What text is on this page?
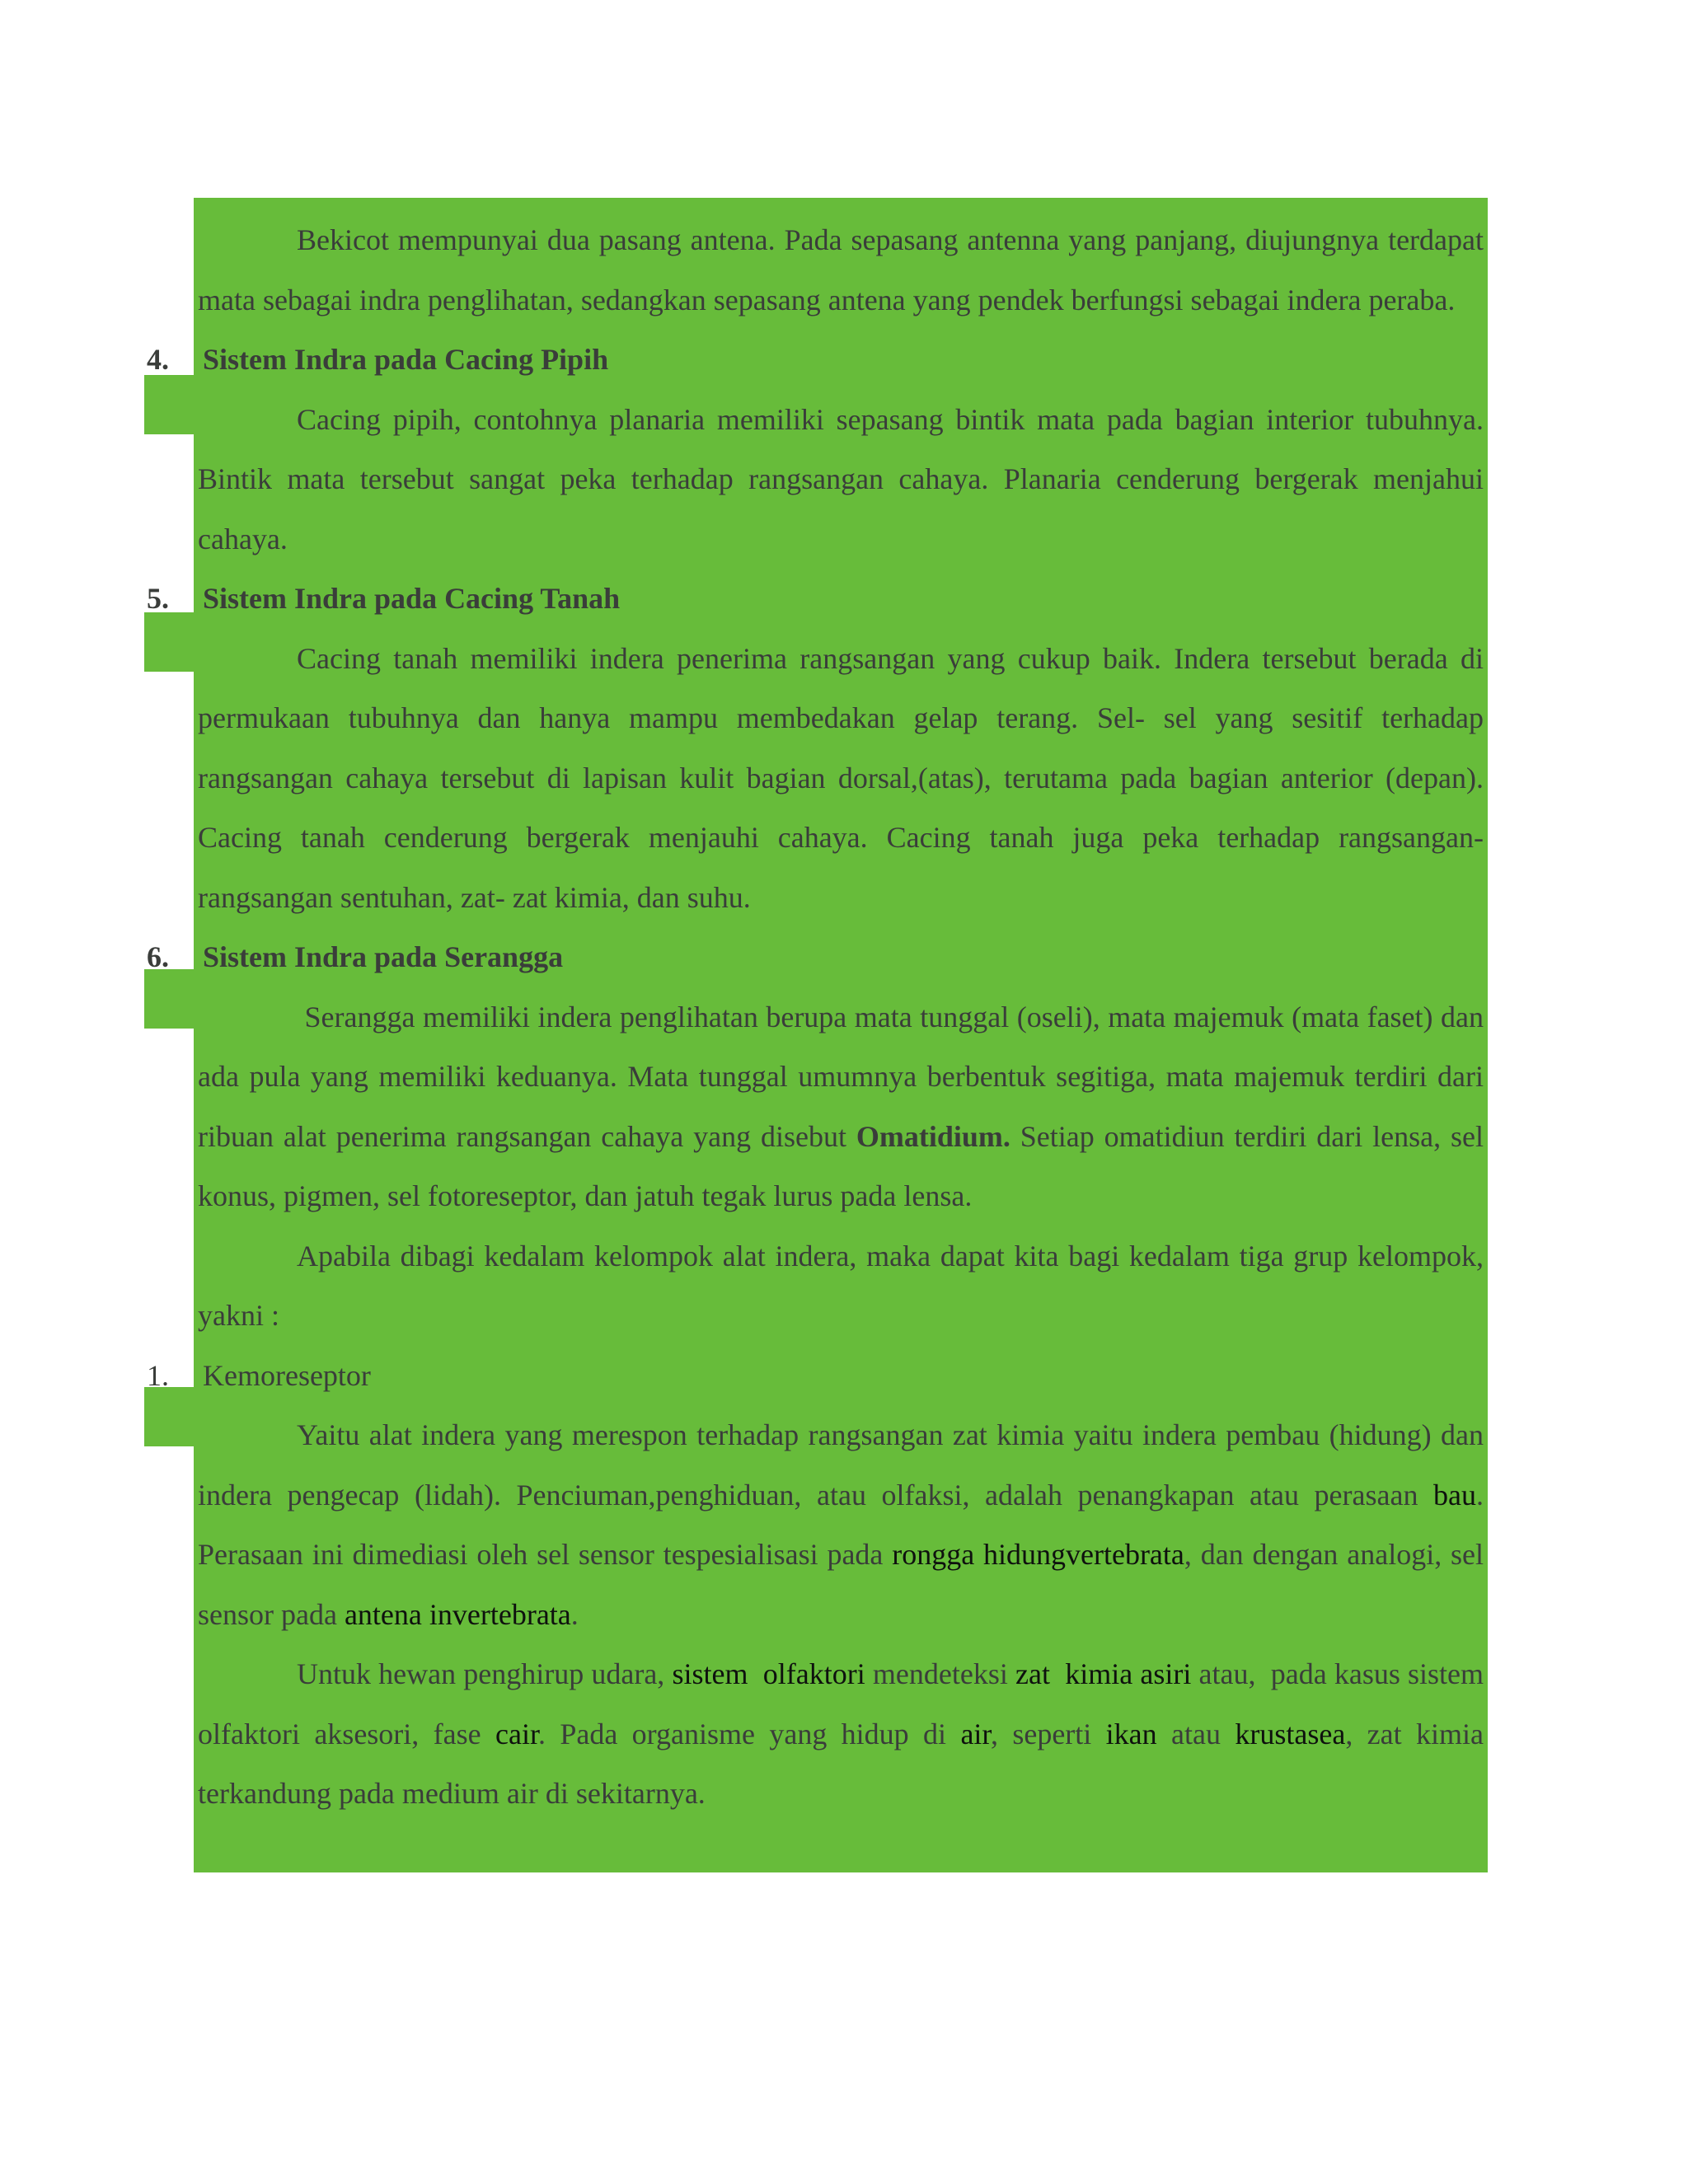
Bekicot mempunyai dua pasang antena. Pada sepasang antenna yang panjang, diujungnya terdapat mata sebagai indra penglihatan, sedangkan sepasang antena yang pendek berfungsi sebagai indera peraba.

4. Sistem Indra pada Cacing Pipih

Cacing pipih, contohnya planaria memiliki sepasang bintik mata pada bagian interior tubuhnya. Bintik mata tersebut sangat peka terhadap rangsangan cahaya. Planaria cenderung bergerak menjahui cahaya.

5. Sistem Indra pada Cacing Tanah

Cacing tanah memiliki indera penerima rangsangan yang cukup baik. Indera tersebut berada di permukaan tubuhnya dan hanya mampu membedakan gelap terang. Sel- sel yang sesitif terhadap rangsangan cahaya tersebut di lapisan kulit bagian dorsal,(atas), terutama pada bagian anterior (depan). Cacing tanah cenderung bergerak menjauhi cahaya. Cacing tanah juga peka terhadap rangsangan- rangsangan sentuhan, zat- zat kimia, dan suhu.

6. Sistem Indra pada Serangga

Serangga memiliki indera penglihatan berupa mata tunggal (oseli), mata majemuk (mata faset) dan ada pula yang memiliki keduanya. Mata tunggal umumnya berbentuk segitiga, mata majemuk terdiri dari ribuan alat penerima rangsangan cahaya yang disebut Omatidium. Setiap omatidiun terdiri dari lensa, sel konus, pigmen, sel fotoreseptor, dan jatuh tegak lurus pada lensa.

Apabila dibagi kedalam kelompok alat indera, maka dapat kita bagi kedalam tiga grup kelompok, yakni :

1. Kemoreseptor

Yaitu alat indera yang merespon terhadap rangsangan zat kimia yaitu indera pembau (hidung) dan indera pengecap (lidah). Penciuman,penghiduan, atau olfaksi, adalah penangkapan atau perasaan bau. Perasaan ini dimediasi oleh sel sensor tespesialisasi pada rongga hidungvertebrata, dan dengan analogi, sel sensor pada antena invertebrata.

Untuk hewan penghirup udara, sistem  olfaktori mendeteksi zat  kimia asiri atau,  pada kasus sistem olfaktori aksesori, fase cair. Pada organisme yang hidup di air, seperti ikan atau krustasea, zat kimia terkandung pada medium air di sekitarnya.
